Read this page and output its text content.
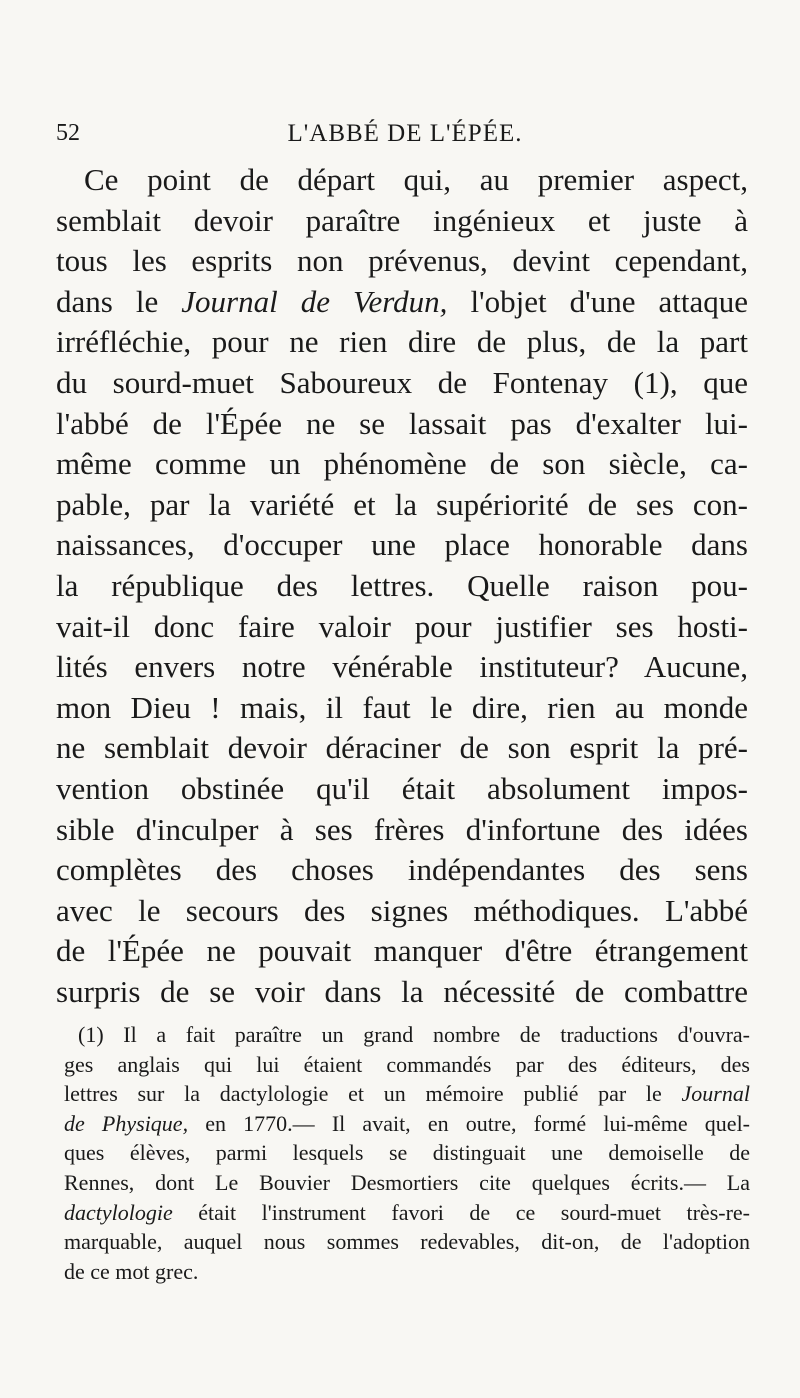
52	L'ABBÉ DE L'ÉPÉE.
Ce point de départ qui, au premier aspect,
semblait devoir paraître ingénieux et juste à
tous les esprits non prévenus, devint cependant,
dans le Journal de Verdun, l'objet d'une attaque
irréfléchie, pour ne rien dire de plus, de la part
du sourd-muet Saboureux de Fontenay (1), que
l'abbé de l'Épée ne se lassait pas d'exalter lui-
même comme un phénomène de son siècle, ca-
pable, par la variété et la supériorité de ses con-
naissances, d'occuper une place honorable dans
la république des lettres. Quelle raison pou-
vait-il donc faire valoir pour justifier ses hosti-
lités envers notre vénérable instituteur? Aucune,
mon Dieu ! mais, il faut le dire, rien au monde
ne semblait devoir déraciner de son esprit la pré-
vention obstinée qu'il était absolument impos-
sible d'inculper à ses frères d'infortune des idées
complètes des choses indépendantes des sens
avec le secours des signes méthodiques. L'abbé
de l'Épée ne pouvait manquer d'être étrangement
surpris de se voir dans la nécessité de combattre
(1) Il a fait paraître un grand nombre de traductions d'ouvra-
ges anglais qui lui étaient commandés par des éditeurs, des
lettres sur la dactylologie et un mémoire publié par le Journal
de Physique, en 1770.— Il avait, en outre, formé lui-même quel-
ques élèves, parmi lesquels se distinguait une demoiselle de
Rennes, dont Le Bouvier Desmortiers cite quelques écrits.— La
dactylologie était l'instrument favori de ce sourd-muet très-re-
marquable, auquel nous sommes redevables, dit-on, de l'adoption
de ce mot grec.
